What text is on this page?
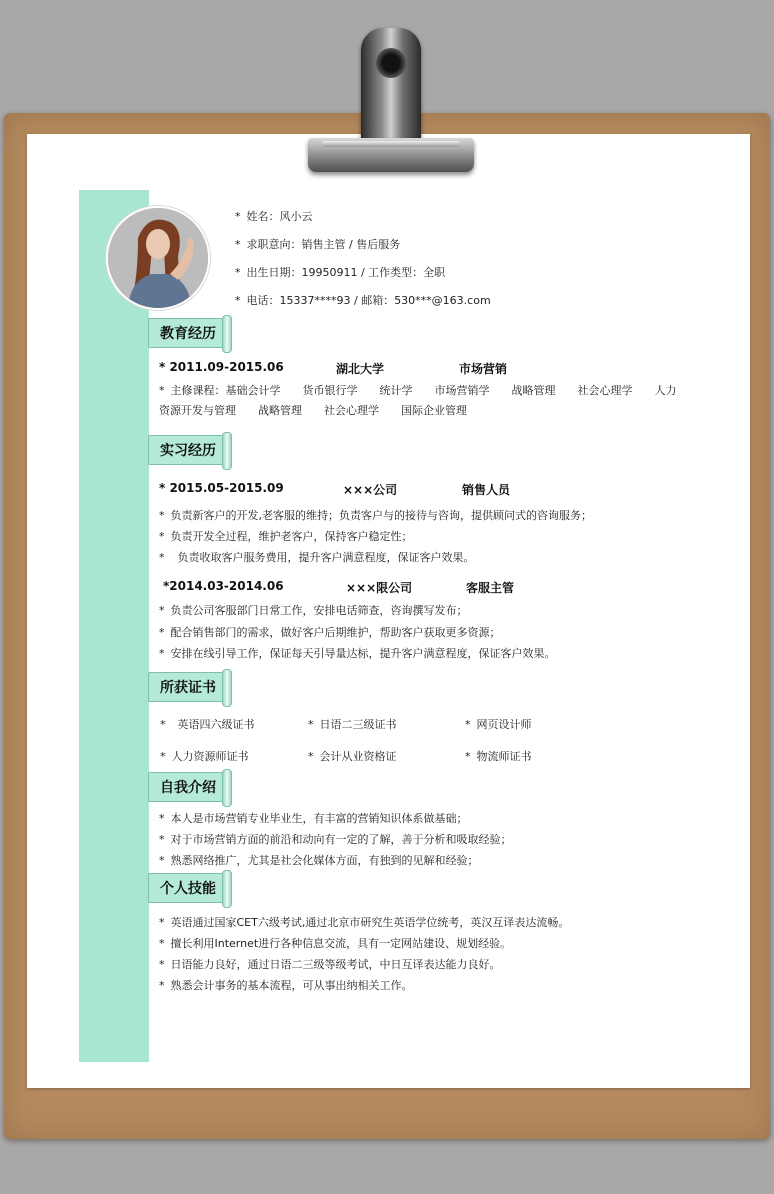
* 姓名：风小云
* 求职意向：销售主管 / 售后服务
* 出生日期：19950911 / 工作类型：全职
* 电话：15337****93 / 邮箱：530***@163.com
教育经历
* 2011.09-2015.06	湖北大学	市场营销
* 主修课程：基础会计学　　货币银行学　　统计学　　市场营销学　　战略管理　　社会心理学　　人力
资源开发与管理　　战略管理　　社会心理学　　国际企业管理
实习经历
* 2015.05-2015.09	×××公司	销售人员
* 负责新客户的开发,老客服的维持；负责客户与的接待与咨询，提供顾问式的咨询服务；
* 负责开发全过程，维护老客户，保持客户稳定性；
*  负责收取客户服务费用，提升客户满意程度，保证客户效果。
*2014.03-2014.06	×××限公司	客服主管
* 负责公司客服部门日常工作，安排电话筛查，咨询撰写发布；
* 配合销售部门的需求，做好客户后期维护，帮助客户获取更多资源；
* 安排在线引导工作，保证每天引导量达标，提升客户满意程度，保证客户效果。
所获证书
* 英语四六级证书	* 日语二三级证书	* 网页设计师
* 人力资源师证书	* 会计从业资格证	* 物流师证书
自我介绍
* 本人是市场营销专业毕业生，有丰富的营销知识体系做基础；
* 对于市场营销方面的前沿和动向有一定的了解，善于分析和吸取经验；
* 熟悉网络推广，尤其是社会化媒体方面，有独到的见解和经验；
个人技能
* 英语通过国家CET六级考试,通过北京市研究生英语学位统考，英汉互译表达流畅。
* 擅长利用Internet进行各种信息交流，具有一定网站建设、规划经验。
* 日语能力良好，通过日语二三级等级考试，中日互译表达能力良好。
* 熟悉会计事务的基本流程，可从事出纳相关工作。
